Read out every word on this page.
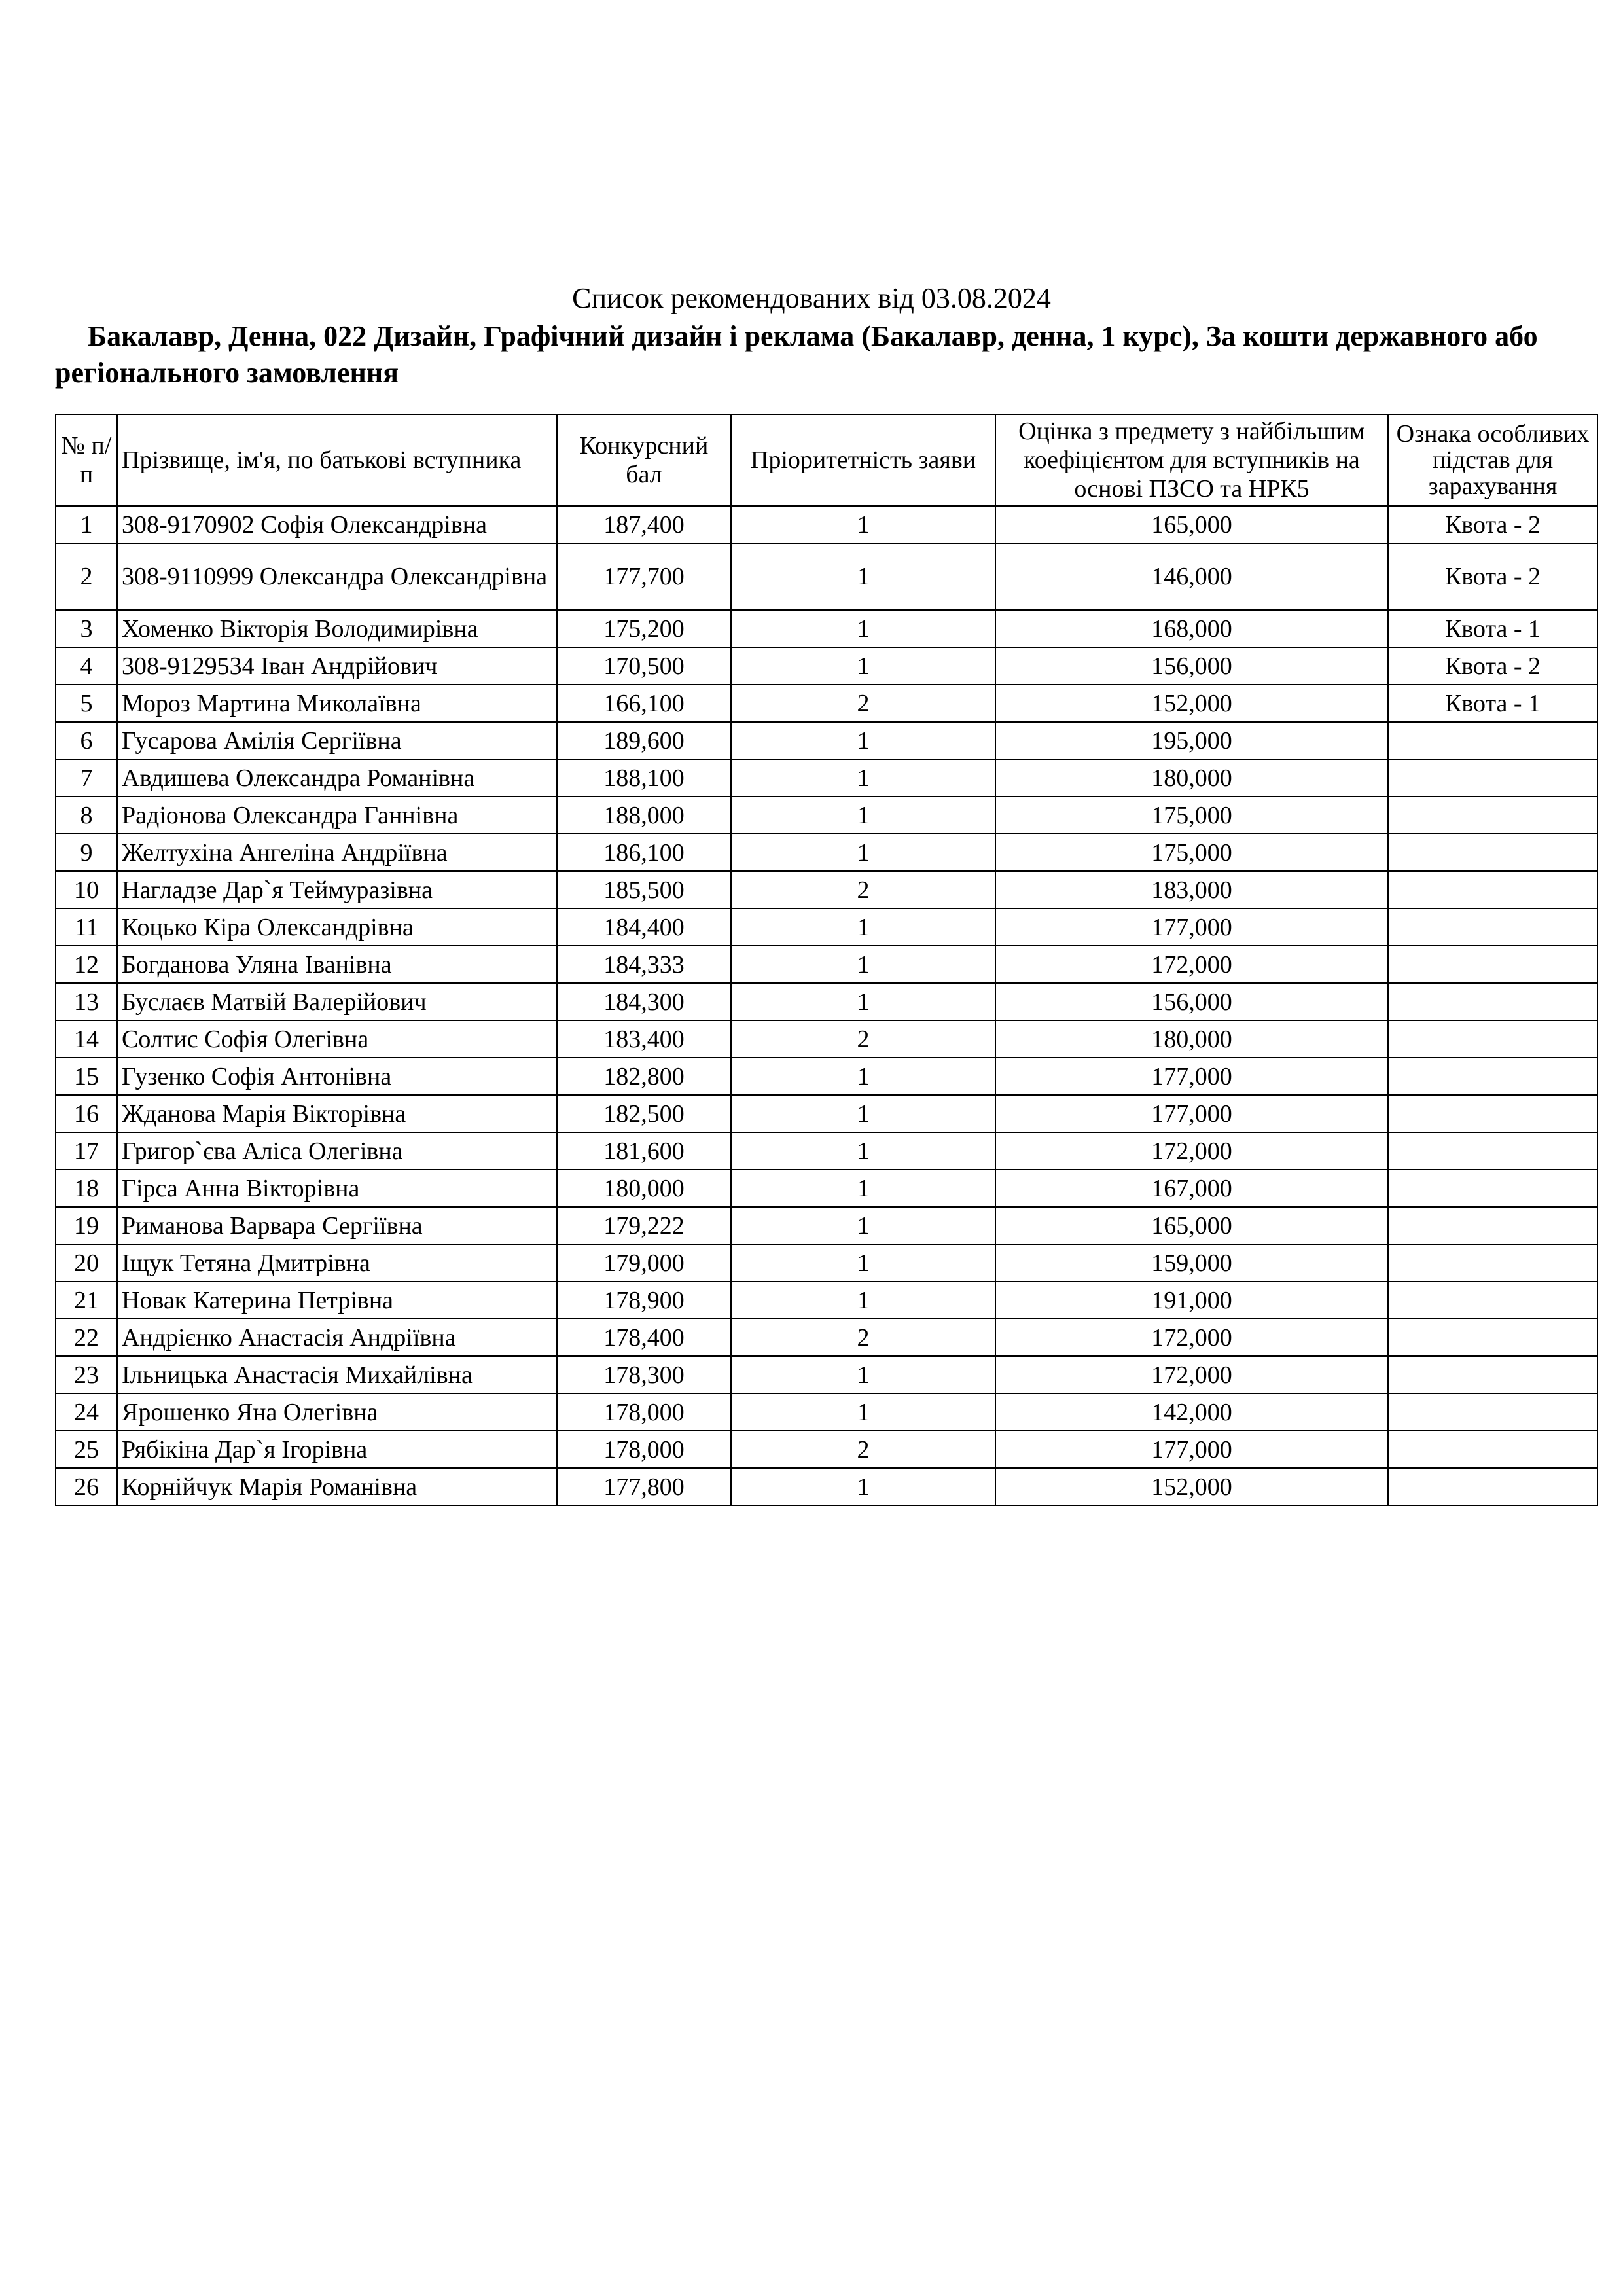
Список рекомендованих від 03.08.2024
Бакалавр, Денна, 022 Дизайн, Графічний дизайн і реклама (Бакалавр, денна, 1 курс), За кошти державного або регіонального замовлення
№ п/п	Прізвище, ім'я, по батькові вступника	Конкурсний бал	Пріоритетність заяви	Оцінка з предмету з найбільшим коефіцієнтом для вступників на основі ПЗСО та НРК5	Ознака особливих підстав для зарахування
1	308-9170902 Софія Олександрівна	187,400	1	165,000	Квота - 2
2	308-9110999 Олександра Олександрівна	177,700	1	146,000	Квота - 2
3	Хоменко Вікторія Володимирівна	175,200	1	168,000	Квота - 1
4	308-9129534 Іван Андрійович	170,500	1	156,000	Квота - 2
5	Мороз Мартина Миколаївна	166,100	2	152,000	Квота - 1
6	Гусарова Амілія Сергіївна	189,600	1	195,000	
7	Авдишева Олександра Романівна	188,100	1	180,000	
8	Радіонова Олександра Ганнівна	188,000	1	175,000	
9	Желтухіна Ангеліна Андріївна	186,100	1	175,000	
10	Нагладзе Дар`я Теймуразівна	185,500	2	183,000	
11	Коцько Кіра Олександрівна	184,400	1	177,000	
12	Богданова Уляна Іванівна	184,333	1	172,000	
13	Буслаєв Матвій Валерійович	184,300	1	156,000	
14	Солтис Софія Олегівна	183,400	2	180,000	
15	Гузенко Софія Антонівна	182,800	1	177,000	
16	Жданова Марія Вікторівна	182,500	1	177,000	
17	Григор`єва Аліса Олегівна	181,600	1	172,000	
18	Гірса Анна Вікторівна	180,000	1	167,000	
19	Риманова Варвара Сергіївна	179,222	1	165,000	
20	Іщук Тетяна Дмитрівна	179,000	1	159,000	
21	Новак Катерина Петрівна	178,900	1	191,000	
22	Андрієнко Анастасія Андріївна	178,400	2	172,000	
23	Ільницька Анастасія Михайлівна	178,300	1	172,000	
24	Ярошенко Яна Олегівна	178,000	1	142,000	
25	Рябікіна Дар`я Ігорівна	178,000	2	177,000	
26	Корнійчук Марія Романівна	177,800	1	152,000	
